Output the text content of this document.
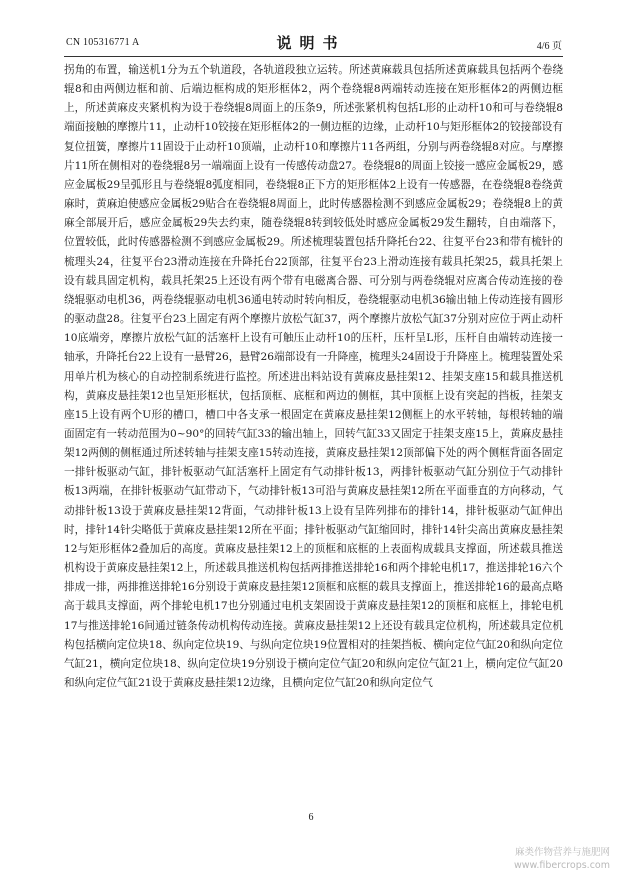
CN 105316771 A	说明书	4/6 页

拐角的布置，输送机1分为五个轨道段，各轨道段独立运转。所述黄麻载具包括所述黄麻载具包括两个卷绕辊8和由两侧边框和前、后端边框构成的矩形框体2，两个卷绕辊8两端转动连接在矩形框体2的两侧边框上，所述黄麻皮夹紧机构为设于卷绕辊8周面上的压条9，所述张紧机构包括L形的止动杆10和可与卷绕辊8端面接触的摩擦片11，止动杆10铰接在矩形框体2的一侧边框的边缘，止动杆10与矩形框体2的铰接部设有复位扭簧，摩擦片11固设于止动杆10顶端，止动杆10和摩擦片11各两组，分别与两卷绕辊8对应。与摩擦片11所在侧相对的卷绕辊8另一端端面上设有一传感传动盘27。卷绕辊8的周面上铰接一感应金属板29，感应金属板29呈弧形且与卷绕辊8弧度相同，卷绕辊8正下方的矩形框体2上设有一传感器，在卷绕辊8卷绕黄麻时，黄麻迫使感应金属板29贴合在卷绕辊8周面上，此时传感器检测不到感应金属板29；卷绕辊8上的黄麻全部展开后，感应金属板29失去约束，随卷绕辊8转到较低处时感应金属板29发生翻转，自由端落下，位置较低，此时传感器检测不到感应金属板29。所述梳理装置包括升降托台22、往复平台23和带有梳针的梳理头24，往复平台23滑动连接在升降托台22顶部，往复平台23上滑动连接有载具托架25，载具托架上设有载具固定机构，载具托架25上还设有两个带有电磁离合器、可分别与两卷绕辊对应离合传动连接的卷绕辊驱动电机36，两卷绕辊驱动电机36通电转动时转向相反，卷绕辊驱动电机36输出轴上传动连接有圆形的驱动盘28。往复平台23上固定有两个摩擦片放松气缸37，两个摩擦片放松气缸37分别对应位于两止动杆10底端旁，摩擦片放松气缸的活塞杆上设有可触压止动杆10的压杆，压杆呈L形，压杆自由端转动连接一轴承，升降托台22上设有一悬臂26，悬臂26端部设有一升降座，梳理头24固设于升降座上。梳理装置处采用单片机为核心的自动控制系统进行监控。所述进出料站设有黄麻皮悬挂架12、挂架支座15和载具推送机构，黄麻皮悬挂架12也呈矩形框状，包括顶框、底框和两边的侧框，其中顶框上设有突起的挡板，挂架支座15上设有两个U形的槽口，槽口中各支承一根固定在黄麻皮悬挂架12侧框上的水平转轴，每根转轴的端面固定有一转动范围为0~90°的回转气缸33的输出轴上，回转气缸33又固定于挂架支座15上，黄麻皮悬挂架12两侧的侧框通过所述转轴与挂架支座15转动连接，黄麻皮悬挂架12顶部偏下处的两个侧框背面各固定一排针板驱动气缸，排针板驱动气缸活塞杆上固定有气动排针板13，两排针板驱动气缸分别位于气动排针板13两端，在排针板驱动气缸带动下，气动排针板13可沿与黄麻皮悬挂架12所在平面垂直的方向移动，气动排针板13设于黄麻皮悬挂架12背面，气动排针板13上设有呈阵列排布的排针14，排针板驱动气缸伸出时，排针14针尖略低于黄麻皮悬挂架12所在平面；排针板驱动气缸缩回时，排针14针尖高出黄麻皮悬挂架12与矩形框体2叠加后的高度。黄麻皮悬挂架12上的顶框和底框的上表面构成载具支撑面，所述载具推送机构设于黄麻皮悬挂架12上，所述载具推送机构包括两排推送排轮16和两个排轮电机17，推送排轮16六个排成一排，两排推送排轮16分别设于黄麻皮悬挂架12顶框和底框的载具支撑面上，推送排轮16的最高点略高于载具支撑面，两个排轮电机17也分别通过电机支架固设于黄麻皮悬挂架12的顶框和底框上，排轮电机17与推送排轮16间通过链条传动机构传动连接。黄麻皮悬挂架12上还设有载具定位机构，所述载具定位机构包括横向定位块18、纵向定位块19、与纵向定位块19位置相对的挂架挡板、横向定位气缸20和纵向定位气缸21，横向定位块18、纵向定位块19分别设于横向定位气缸20和纵向定位气缸21上，横向定位气缸20和纵向定位气缸21设于黄麻皮悬挂架12边缘，且横向定位气缸20和纵向定位气

6
麻类作物营养与施肥网
www.fibercrops.com
